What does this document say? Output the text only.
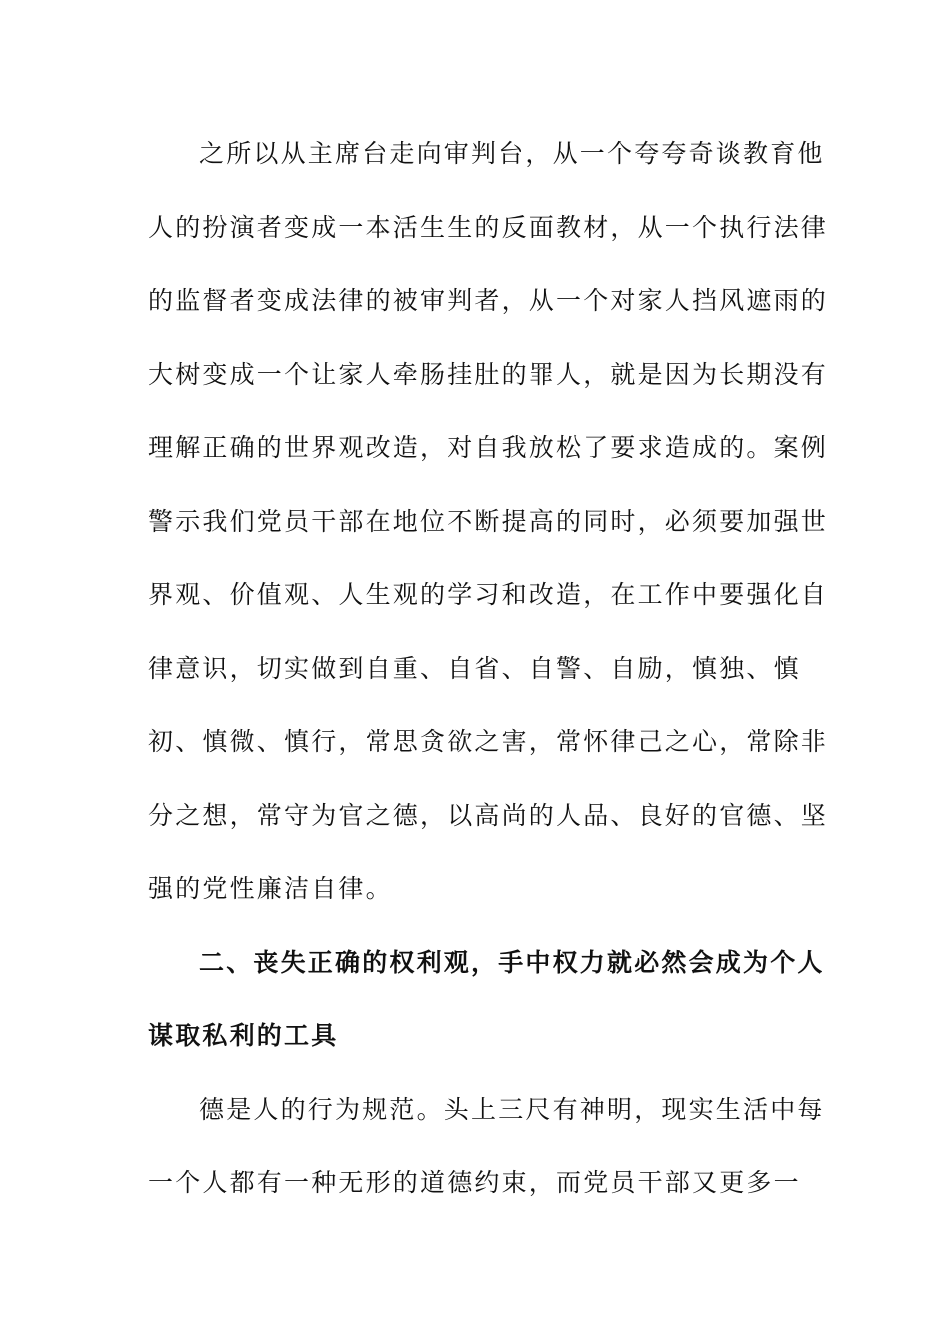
之所以从主席台走向审判台，从一个夸夸奇谈教育他
人的扮演者变成一本活生生的反面教材，从一个执行法律
的监督者变成法律的被审判者，从一个对家人挡风遮雨的
大树变成一个让家人牵肠挂肚的罪人，就是因为长期没有
理解正确的世界观改造，对自我放松了要求造成的。案例
警示我们党员干部在地位不断提高的同时，必须要加强世
界观、价值观、人生观的学习和改造，在工作中要强化自
律意识，切实做到自重、自省、自警、自励，慎独、慎
初、慎微、慎行，常思贪欲之害，常怀律己之心，常除非
分之想，常守为官之德，以高尚的人品、良好的官德、坚
强的党性廉洁自律。
二、丧失正确的权利观，手中权力就必然会成为个人
谋取私利的工具
德是人的行为规范。头上三尺有神明，现实生活中每
一个人都有一种无形的道德约束，而党员干部又更多一
